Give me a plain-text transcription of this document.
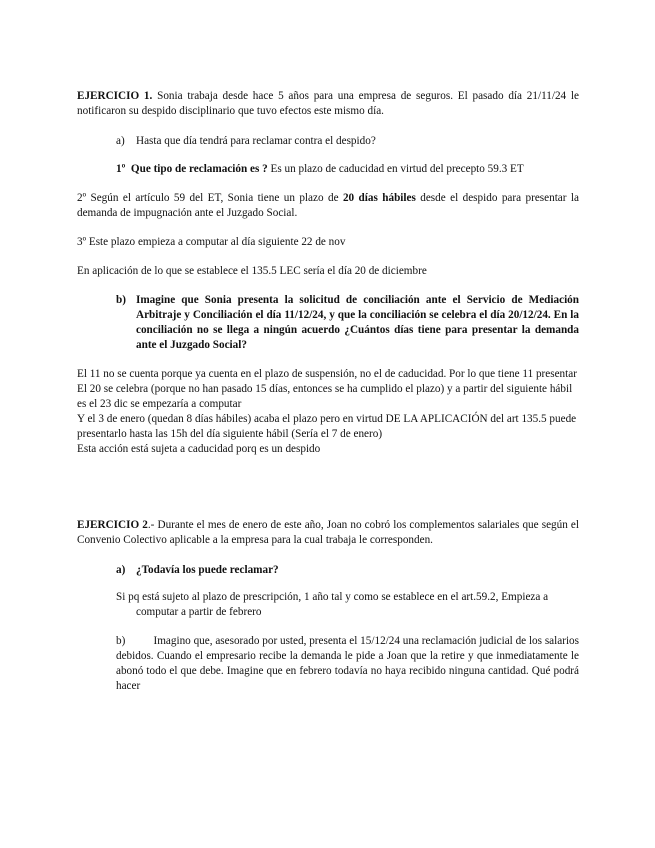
EJERCICIO 1. Sonia trabaja desde hace 5 años para una empresa de seguros. El pasado día 21/11/24 le notificaron su despido disciplinario que tuvo efectos este mismo día.
a) Hasta que día tendrá para reclamar contra el despido?
1º Que tipo de reclamación es ? Es un plazo de caducidad en virtud del precepto 59.3 ET
2º Según el artículo 59 del ET, Sonia tiene un plazo de 20 días hábiles desde el despido para presentar la demanda de impugnación ante el Juzgado Social.
3º Este plazo empieza a computar al día siguiente 22 de nov
En aplicación de lo que se establece el 135.5 LEC sería el día 20 de diciembre
b) Imagine que Sonia presenta la solicitud de conciliación ante el Servicio de Mediación Arbitraje y Conciliación el día 11/12/24, y que la conciliación se celebra el día 20/12/24. En la conciliación no se llega a ningún acuerdo ¿Cuántos días tiene para presentar la demanda ante el Juzgado Social?
El 11 no se cuenta porque ya cuenta en el plazo de suspensión, no el de caducidad. Por lo que tiene 11 presentar
El 20 se celebra (porque no han pasado 15 días, entonces se ha cumplido el plazo) y a partir del siguiente hábil es el 23 dic se empezaría a computar
Y el 3 de enero (quedan 8 días hábiles) acaba el plazo pero en virtud DE LA APLICACIÓN del art 135.5 puede presentarlo hasta las 15h del día siguiente hábil (Sería el 7 de enero)
Esta acción está sujeta a caducidad porq es un despido
EJERCICIO 2.- Durante el mes de enero de este año, Joan no cobró los complementos salariales que según el Convenio Colectivo aplicable a la empresa para la cual trabaja le corresponden.
a) ¿Todavía los puede reclamar?
Si pq está sujeto al plazo de prescripción, 1 año tal y como se establece en el art.59.2, Empieza a computar a partir de febrero
b)	Imagino que, asesorado por usted, presenta el 15/12/24 una reclamación judicial de los salarios debidos. Cuando el empresario recibe la demanda le pide a Joan que la retire y que inmediatamente le abonó todo el que debe. Imagine que en febrero todavía no haya recibido ninguna cantidad. Qué podrá hacer
